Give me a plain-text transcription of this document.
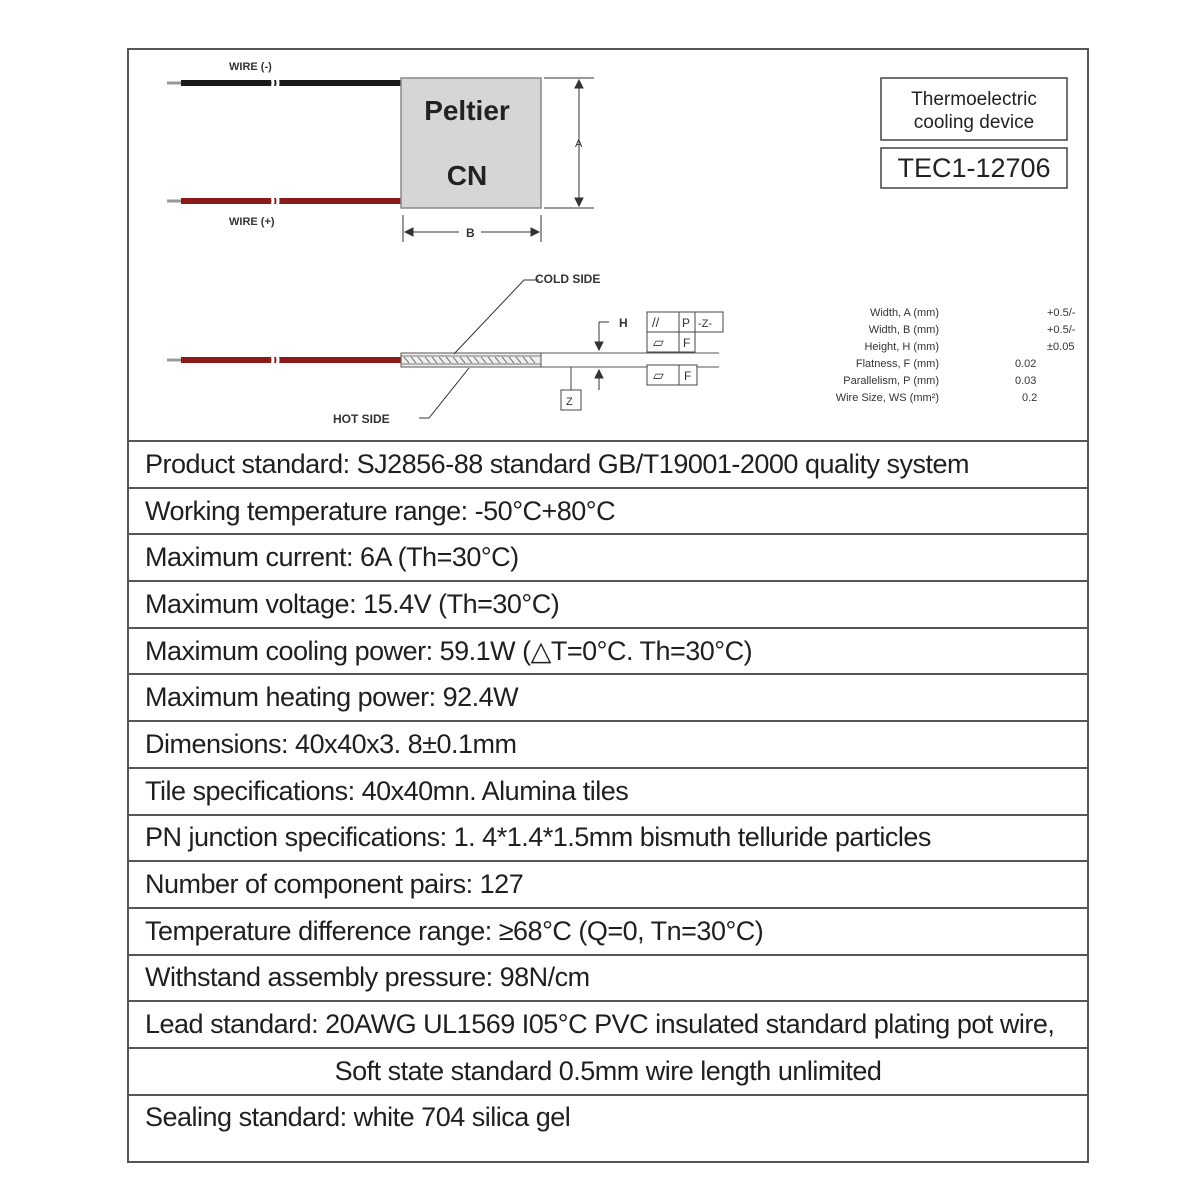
WIRE (-)
WIRE (+)
Peltier
CN
A
B
Thermoelectric
cooling device
TEC1-12706
COLD SIDE
HOT SIDE
H // P -Z-
▱ F
▱ F
Z
Width, A (mm)	+0.5/-
Width, B (mm)	+0.5/-
Height, H (mm)	±0.05
Flatness, F (mm)	0.02
Parallelism, P (mm)	0.03
Wire Size, WS (mm²)	0.2
Product standard: SJ2856-88 standard GB/T19001-2000 quality system
Working temperature range: -50°C+80°C
Maximum current: 6A (Th=30°C)
Maximum voltage: 15.4V (Th=30°C)
Maximum cooling power: 59.1W (△T=0°C. Th=30°C)
Maximum heating power: 92.4W
Dimensions: 40x40x3. 8±0.1mm
Tile specifications: 40x40mn. Alumina tiles
PN junction specifications: 1. 4*1.4*1.5mm bismuth telluride particles
Number of component pairs: 127
Temperature difference range: ≥68°C (Q=0, Tn=30°C)
Withstand assembly pressure: 98N/cm
Lead standard: 20AWG UL1569 I05°C PVC insulated standard plating pot wire,
Soft state standard 0.5mm wire length unlimited
Sealing standard: white 704 silica gel
